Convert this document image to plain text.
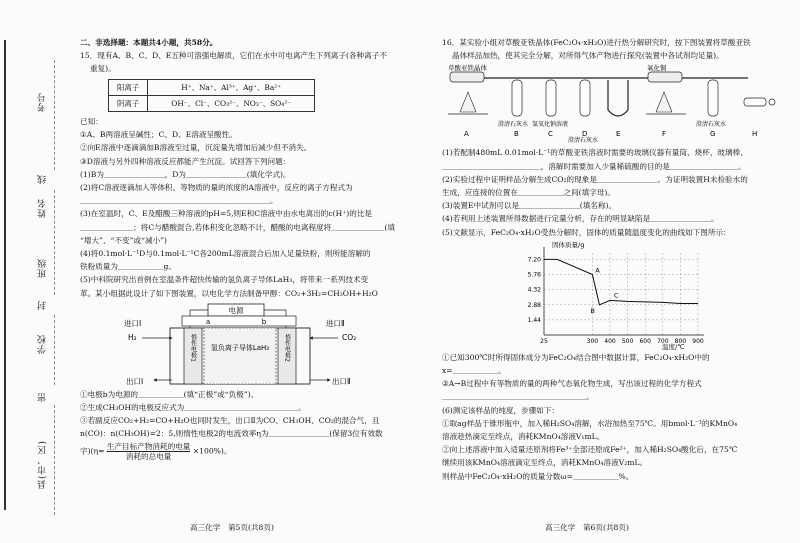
考号
线
姓名
班级
封
学校
密
县(市、区)

二、非选择题：本题共4小题，共58分。

15．现有A、B、C、D、E五种可溶强电解质，它们在水中可电离产生下列离子(各种离子不

重复)。

阳离子	H⁺、Na⁺、Al³⁺、Ag⁺、Ba²⁺
阴离子	OH⁻、Cl⁻、CO₃²⁻、NO₃⁻、SO₄²⁻

已知：

①A、B两溶液呈碱性；C、D、E溶液呈酸性。

②向E溶液中逐滴滴加B溶液至过量，沉淀量先增加后减少但不消失。

③D溶液与另外四种溶液反应都能产生沉淀。试回答下列问题：

(1)B为＿＿＿＿＿＿＿＿，D为＿＿＿＿＿＿＿＿(填化学式)。

(2)将C溶液逐滴加入等体积、等物质的量的浓度的A溶液中，反应的离子方程式为

＿＿＿＿＿＿＿＿＿＿＿＿＿＿＿＿＿＿＿＿＿＿＿＿＿。

(3)在室温时，C、E及醋酸三种溶液的pH=5,则E和C溶液中由水电离出的c(H⁺)的比是

＿＿＿＿＿＿＿；将C与醋酸混合,若体积变化忽略不计，醋酸的电离程度将＿＿＿＿＿＿＿(填

“增大”、“不变”或“减小”)

(4)将0.1mol·L⁻¹D与0.1mol·L⁻¹C各200mL溶液混合后加入足量铁粉，则所能溶解的

铁粉质量为＿＿＿＿＿＿g。

(5)中科院研究出首例在室温条件超快传输的氢负离子导体LaH₃，将带来一系列技术变

革。某小组据此设计了如下图装置，以电化学方法制备甲醇：CO₂+3H₂=CH₃OH+H₂O

电源
a	b
氢负离子导体LaH₃
惰性电极1	惰性电极2
进口Ⅰ
H₂
进口Ⅱ
CO₂
出口Ⅰ	出口Ⅱ

①电极b为电源的＿＿＿＿＿＿(填“正极”或“负极”)。

②生成CH₃OH的电极反应式为＿＿＿＿＿＿＿＿＿＿＿＿＿＿＿。

③若副反应CO₂+H₂=CO+H₂O也同时发生，出口Ⅱ为CO、CH₃OH、CO₂的混合气，且

n(CO)：n(CH₃OH)=2：5,则惰性电极2的电流效率η为＿＿＿＿＿＿＿＿(保留3位有效数

字)$(\eta= \frac{\text{生产目标产物消耗的电量}}{\text{消耗的总电量}} \times 100\%)$。

高三化学　第5页(共8页)

16．某实验小组对草酸亚铁晶体(FeC₂O₄·xH₂O)进行热分解研究时，按下图装置将草酸亚铁

晶体样品加热，使其完全分解，对所得气体产物进行探究(装置中各试剂均足量)。

草酸亚铁晶体	氧化铜
A	B	C	D	E	F	G	H
澄清石灰水 氢氧化钠溶液
澄清石灰水
澄清石灰水

(1)若配制480mL 0.01mol·L⁻¹的草酸亚铁溶液时需要的玻璃仪器有量筒、烧杯、玻璃棒、

＿＿＿＿＿＿＿＿＿＿＿＿＿，溶解时需要加入少量稀硫酸的目的是＿＿＿＿＿＿＿＿＿。

(2)实验过程中证明样品分解生成CO₂的现象是＿＿＿＿＿＿＿＿。为证明装置H未检验水的

生成，应连接的位置在＿＿＿＿＿＿之间(填字母)。

(3)装置E中试剂可以是＿＿＿＿＿＿＿＿(填名称)。

(4)若利用上述装置所得数据进行定量分析，存在的明显缺陷是＿＿＿＿＿＿＿＿。

(5)文献显示，FeC₂O₄·xH₂O受热分解时，固体的质量随温度变化的曲线如下图所示：

固体质量/g
温度/℃
7.20
5.76
4.32
2.88
1.44
25	300 400 500 600 700 800 900
A
B
C

①已知300℃时所得固体成分为FeC₂O₄结合图中数据计算，FeC₂O₄·xH₂O中的

x=＿＿＿＿＿＿。

②A→B过程中有等物质的量的两种气态氧化物生成，写出该过程的化学方程式

＿＿＿＿＿＿＿＿＿＿＿＿＿＿＿＿＿＿＿。

(6)测定该样品的纯度，步骤如下：

①取ag样品于锥形瓶中，加入稀H₂SO₄溶解，水浴加热至75℃。用bmol·L⁻¹的KMnO₄

溶液趁热滴定至终点，消耗KMnO₄溶液V₁mL。

②向上述溶液中加入适量还原剂将Fe³⁺全部还原成Fe²⁺，加入稀H₂SO₄酸化后，在75℃

继续用该KMnO₄溶液滴定至终点，消耗KMnO₄溶液V₂mL。

则样品中FeC₂O₄·xH₂O的质量分数ω=＿＿＿＿＿＿%。

高三化学　第6页(共8页)
